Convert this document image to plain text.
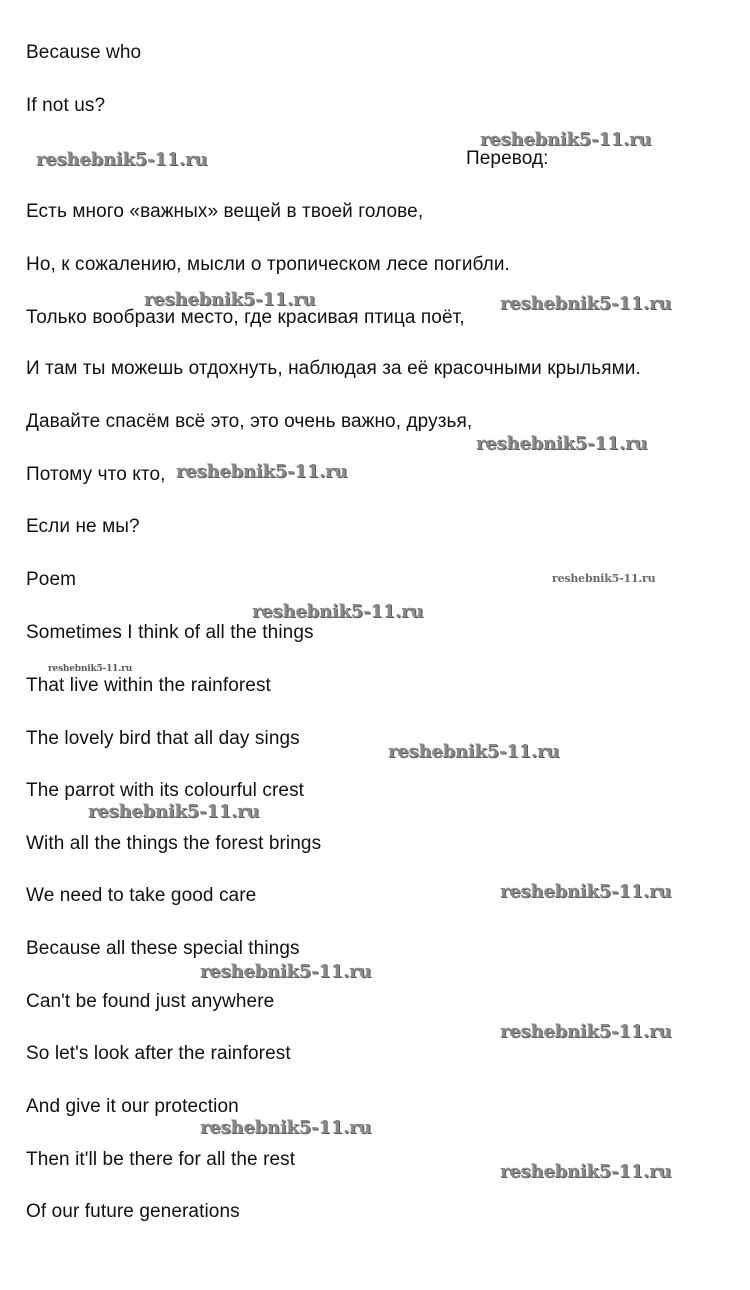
Because who
If not us?
Перевод:
Есть много «важных» вещей в твоей голове,
Но, к сожалению, мысли о тропическом лесе погибли.
Только вообрази место, где красивая птица поёт,
И там ты можешь отдохнуть, наблюдая за её красочными крыльями.
Давайте спасём всё это, это очень важно, друзья,
Потому что кто,
Если не мы?
Poem
Sometimes I think of all the things
That live within the rainforest
The lovely bird that all day sings
The parrot with its colourful crest
With all the things the forest brings
We need to take good care
Because all these special things
Can't be found just anywhere
So let's look after the rainforest
And give it our protection
Then it'll be there for all the rest
Of our future generations
reshebnik5-11.ru
reshebnik5-11.ru
reshebnik5-11.ru	reshebnik5-11.ru
reshebnik5-11.ru
reshebnik5-11.ru
reshebnik5-11.ru
reshebnik5-11.ru
reshebnik5-11.ru
reshebnik5-11.ru
reshebnik5-11.ru
reshebnik5-11.ru
reshebnik5-11.ru
reshebnik5-11.ru
reshebnik5-11.ru
reshebnik5-11.ru
